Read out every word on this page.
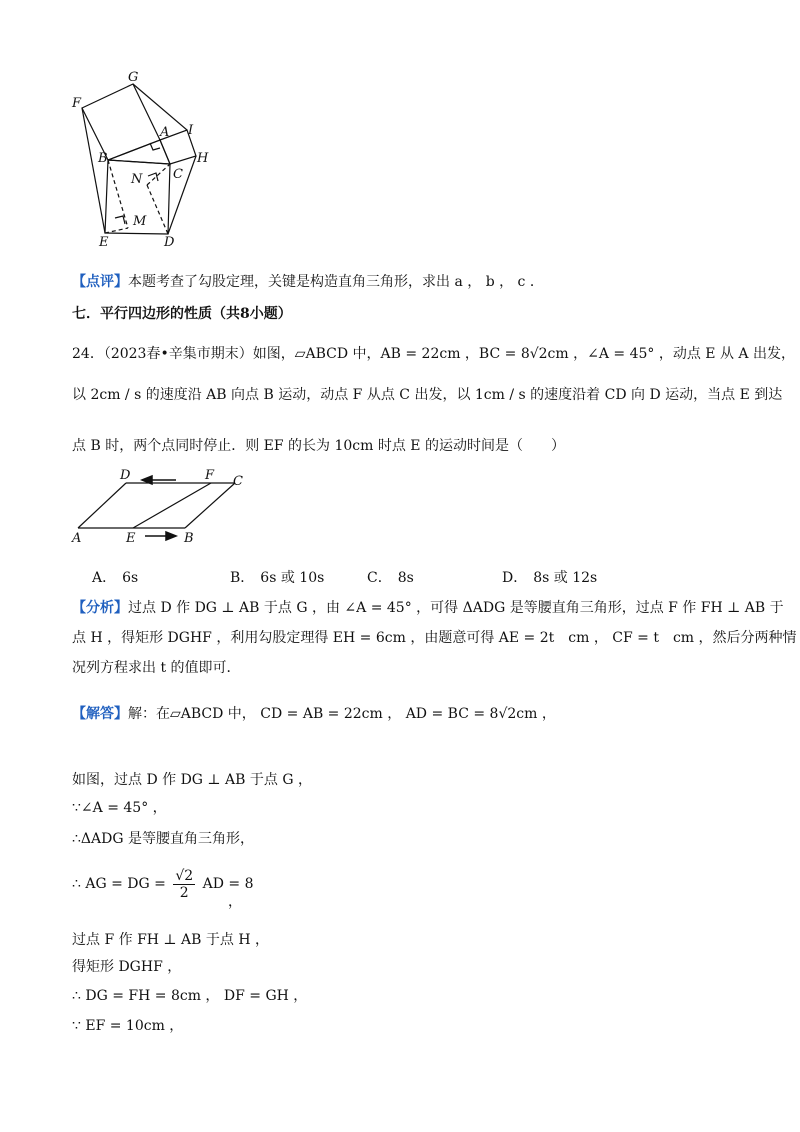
G
F
A I
H
B
C
N
M
E	D
【点评】本题考查了勾股定理，关键是构造直角三角形，求出 a ， b ， c ．
七．平行四边形的性质（共8小题）
24．（2023春•辛集市期末）如图，▱ABCD 中，AB = 22cm ，BC = 8√2cm ，∠A = 45° ，动点 E 从 A 出发，
以 2cm / s 的速度沿 AB 向点 B 运动，动点 F 从点 C 出发，以 1cm / s 的速度沿着 CD 向 D 运动，当点 E 到达
点 B 时，两个点同时停止．则 EF 的长为 10cm 时点 E 的运动时间是（　　）
D	F C
A	E	B
A． 6s	B． 6s 或 10s	C． 8s	D． 8s 或 12s
【分析】过点 D 作 DG ⊥ AB 于点 G ，由 ∠A = 45° ，可得 ΔADG 是等腰直角三角形，过点 F 作 FH ⊥ AB 于
点 H ，得矩形 DGHF ，利用勾股定理得 EH = 6cm ，由题意可得 AE = 2t　cm ， CF = t　cm ，然后分两种情
况列方程求出 t 的值即可．
【解答】解：在▱ABCD 中， CD = AB = 22cm ， AD = BC = 8√2cm ，
如图，过点 D 作 DG ⊥ AB 于点 G ，
∵∠A = 45° ，
∴ΔADG 是等腰直角三角形，
∴ AG = DG = $\frac{√2}{2}$ AD = 8
，
过点 F 作 FH ⊥ AB 于点 H ，
得矩形 DGHF ，
∴ DG = FH = 8cm ， DF = GH ，
∵ EF = 10cm ，
